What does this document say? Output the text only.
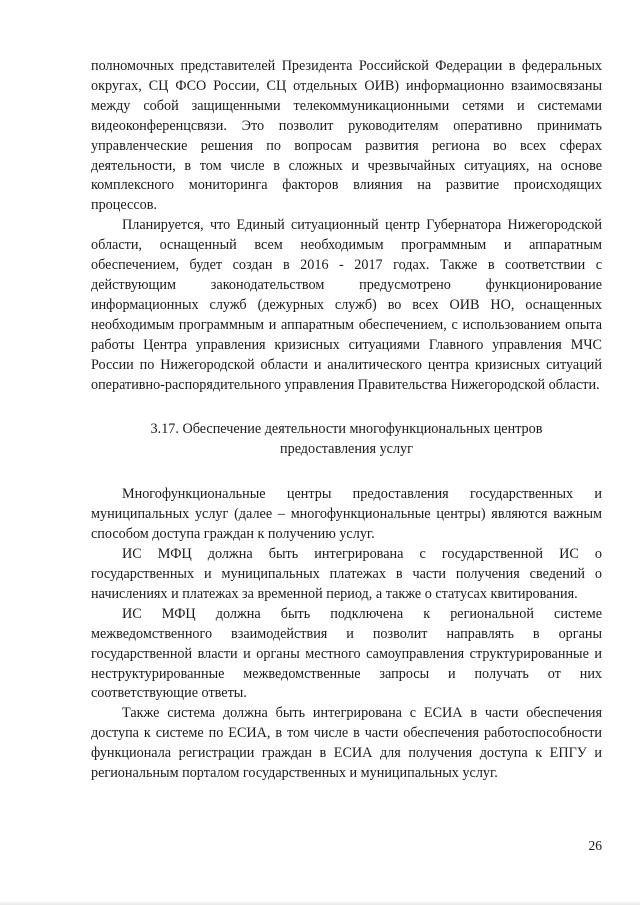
полномочных представителей Президента Российской Федерации в федеральных округах, СЦ ФСО России, СЦ отдельных ОИВ) информационно взаимосвязаны между собой защищенными телекоммуникационными сетями и системами видеоконференцсвязи. Это позволит руководителям оперативно принимать управленческие решения по вопросам развития региона во всех сферах деятельности, в том числе в сложных и чрезвычайных ситуациях, на основе комплексного мониторинга факторов влияния на развитие происходящих процессов.

Планируется, что Единый ситуационный центр Губернатора Нижегородской области, оснащенный всем необходимым программным и аппаратным обеспечением, будет создан в 2016 - 2017 годах. Также в соответствии с действующим законодательством предусмотрено функционирование информационных служб (дежурных служб) во всех ОИВ НО, оснащенных необходимым программным и аппаратным обеспечением, с использованием опыта работы Центра управления кризисных ситуациями Главного управления МЧС России по Нижегородской области и аналитического центра кризисных ситуаций оперативно-распорядительного управления Правительства Нижегородской области.

3.17. Обеспечение деятельности многофункциональных центров
предоставления услуг

Многофункциональные центры предоставления государственных и муниципальных услуг (далее – многофункциональные центры) являются важным способом доступа граждан к получению услуг.

ИС МФЦ должна быть интегрирована с государственной ИС о государственных и муниципальных платежах в части получения сведений о начислениях и платежах за временной период, а также о статусах квитирования.

ИС МФЦ должна быть подключена к региональной системе межведомственного взаимодействия и позволит направлять в органы государственной власти и органы местного самоуправления структурированные и неструктурированные межведомственные запросы и получать от них соответствующие ответы.

Также система должна быть интегрирована с ЕСИА в части обеспечения доступа к системе по ЕСИА, в том числе в части обеспечения работоспособности функционала регистрации граждан в ЕСИА для получения доступа к ЕПГУ и региональным порталом государственных и муниципальных услуг.

26
